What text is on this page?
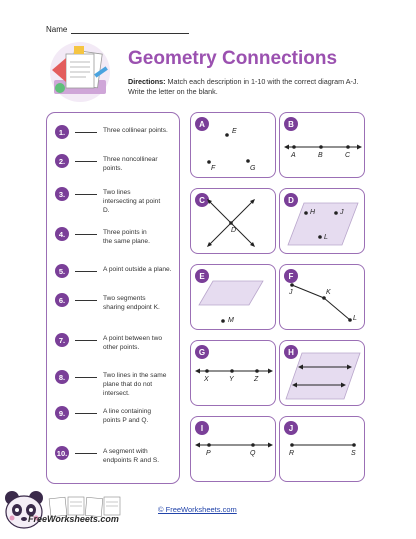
Name
Geometry Connections
Directions: Match each description in 1-10 with the correct diagram A-J. Write the letter on the blank.
1.	Three collinear points.
2.	Three noncollinear points.
3.	Two lines intersecting at point D.
4.	Three points in the same plane.
5.	A point outside a plane.
6.	Two segments sharing endpoint K.
7.	A point between two other points.
8.	Two lines in the same plane that do not intersect.
9.	A line containing points P and Q.
10.	A segment with endpoints R and S.
A
E
F	G
B
A	B	C
C
D
D
H	J
L
E
M
F
J	K
L
G
X	Y	Z
H
I
P	Q
J
R	S
FreeWorksheets.com
© FreeWorksheets.com
